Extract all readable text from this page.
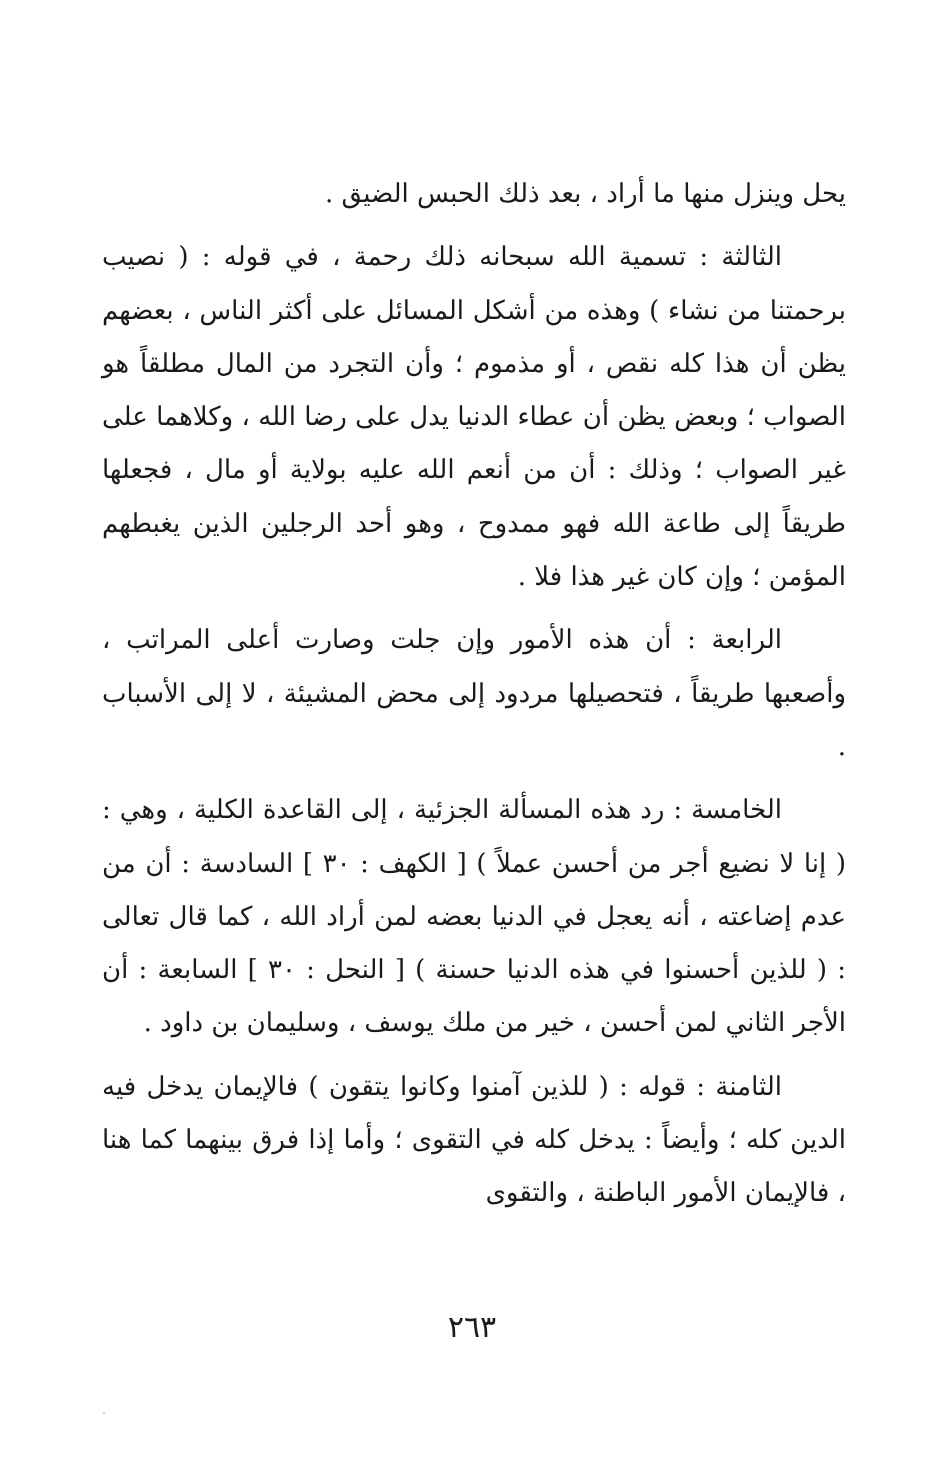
يحل وينزل منها ما أراد ، بعد ذلك الحبس الضيق .

الثالثة : تسمية الله سبحانه ذلك رحمة ، في قوله : ( نصيب برحمتنا من نشاء ) وهذه من أشكل المسائل على أكثر الناس ، بعضهم يظن أن هذا كله نقص ، أو مذموم ؛ وأن التجرد من المال مطلقاً هو الصواب ؛ وبعض يظن أن عطاء الدنيا يدل على رضا الله ، وكلاهما على غير الصواب ؛ وذلك : أن من أنعم الله عليه بولاية أو مال ، فجعلها طريقاً إلى طاعة الله فهو ممدوح ، وهو أحد الرجلين الذين يغبطهم المؤمن ؛ وإن كان غير هذا فلا .

الرابعة : أن هذه الأمور وإن جلت وصارت أعلى المراتب ، وأصعبها طريقاً ، فتحصيلها مردود إلى محض المشيئة ، لا إلى الأسباب .

الخامسة : رد هذه المسألة الجزئية ، إلى القاعدة الكلية ، وهي : ( إنا لا نضيع أجر من أحسن عملاً ) [ الكهف : ٣٠ ] السادسة : أن من عدم إضاعته ، أنه يعجل في الدنيا بعضه لمن أراد الله ، كما قال تعالى : ( للذين أحسنوا في هذه الدنيا حسنة ) [ النحل : ٣٠ ] السابعة : أن الأجر الثاني لمن أحسن ، خير من ملك يوسف ، وسليمان بن داود .

الثامنة : قوله : ( للذين آمنوا وكانوا يتقون ) فالإيمان يدخل فيه الدين كله ؛ وأيضاً : يدخل كله في التقوى ؛ وأما إذا فرق بينهما كما هنا ، فالإيمان الأمور الباطنة ، والتقوى

٢٦٣
